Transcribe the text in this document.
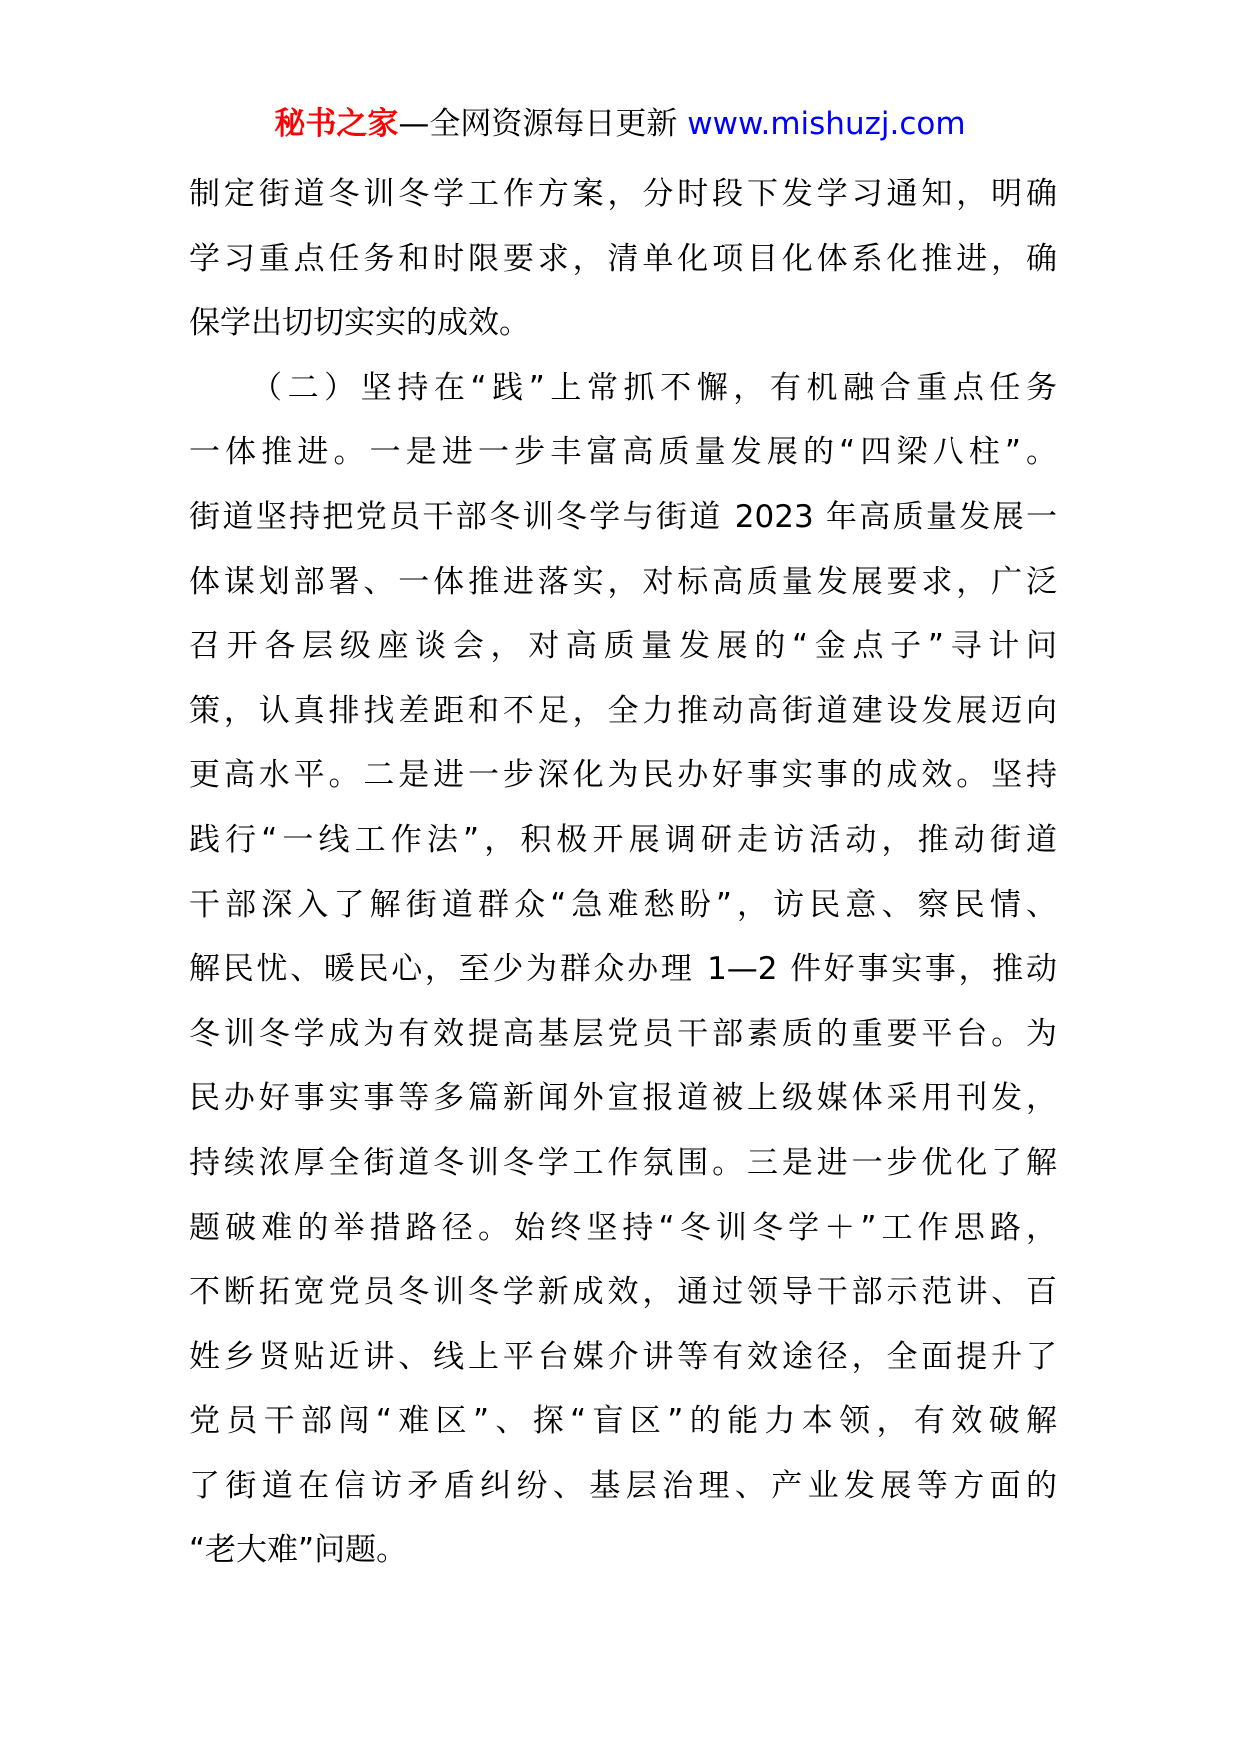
秘书之家—全网资源每日更新 www.mishuzj.com
制定街道冬训冬学工作方案，分时段下发学习通知，明确
学习重点任务和时限要求，清单化项目化体系化推进，确
保学出切切实实的成效。
（二）坚持在“践”上常抓不懈，有机融合重点任务
一体推进。一是进一步丰富高质量发展的“四梁八柱”。
街道坚持把党员干部冬训冬学与街道 2023 年高质量发展一
体谋划部署、一体推进落实，对标高质量发展要求，广泛
召开各层级座谈会，对高质量发展的“金点子”寻计问
策，认真排找差距和不足，全力推动高街道建设发展迈向
更高水平。二是进一步深化为民办好事实事的成效。坚持
践行“一线工作法”，积极开展调研走访活动，推动街道
干部深入了解街道群众“急难愁盼”，访民意、察民情、
解民忧、暖民心，至少为群众办理 1—2 件好事实事，推动
冬训冬学成为有效提高基层党员干部素质的重要平台。为
民办好事实事等多篇新闻外宣报道被上级媒体采用刊发，
持续浓厚全街道冬训冬学工作氛围。三是进一步优化了解
题破难的举措路径。始终坚持“冬训冬学＋”工作思路，
不断拓宽党员冬训冬学新成效，通过领导干部示范讲、百
姓乡贤贴近讲、线上平台媒介讲等有效途径，全面提升了
党员干部闯“难区”、探“盲区”的能力本领，有效破解
了街道在信访矛盾纠纷、基层治理、产业发展等方面的
“老大难”问题。
